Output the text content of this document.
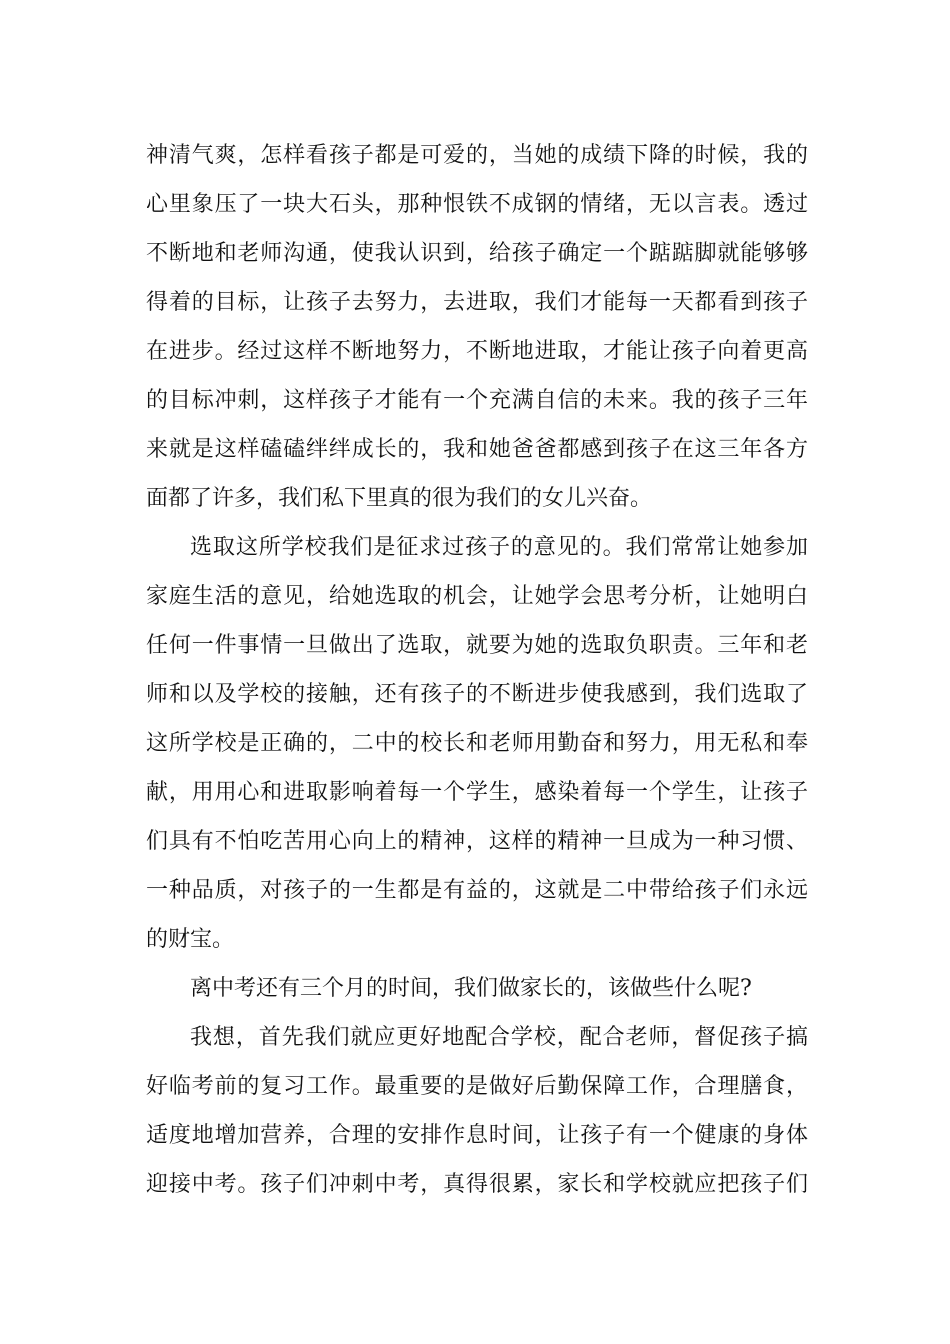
神清气爽，怎样看孩子都是可爱的，当她的成绩下降的时候，我的
心里象压了一块大石头，那种恨铁不成钢的情绪，无以言表。透过
不断地和老师沟通，使我认识到，给孩子确定一个踮踮脚就能够够
得着的目标，让孩子去努力，去进取，我们才能每一天都看到孩子
在进步。经过这样不断地努力，不断地进取，才能让孩子向着更高
的目标冲刺，这样孩子才能有一个充满自信的未来。我的孩子三年
来就是这样磕磕绊绊成长的，我和她爸爸都感到孩子在这三年各方
面都了许多，我们私下里真的很为我们的女儿兴奋。
选取这所学校我们是征求过孩子的意见的。我们常常让她参加
家庭生活的意见，给她选取的机会，让她学会思考分析，让她明白
任何一件事情一旦做出了选取，就要为她的选取负职责。三年和老
师和以及学校的接触，还有孩子的不断进步使我感到，我们选取了
这所学校是正确的，二中的校长和老师用勤奋和努力，用无私和奉
献，用用心和进取影响着每一个学生，感染着每一个学生，让孩子
们具有不怕吃苦用心向上的精神，这样的精神一旦成为一种习惯、
一种品质，对孩子的一生都是有益的，这就是二中带给孩子们永远
的财宝。
离中考还有三个月的时间，我们做家长的，该做些什么呢?
我想，首先我们就应更好地配合学校，配合老师，督促孩子搞
好临考前的复习工作。最重要的是做好后勤保障工作，合理膳食，
适度地增加营养，合理的安排作息时间，让孩子有一个健康的身体
迎接中考。孩子们冲刺中考，真得很累，家长和学校就应把孩子们
